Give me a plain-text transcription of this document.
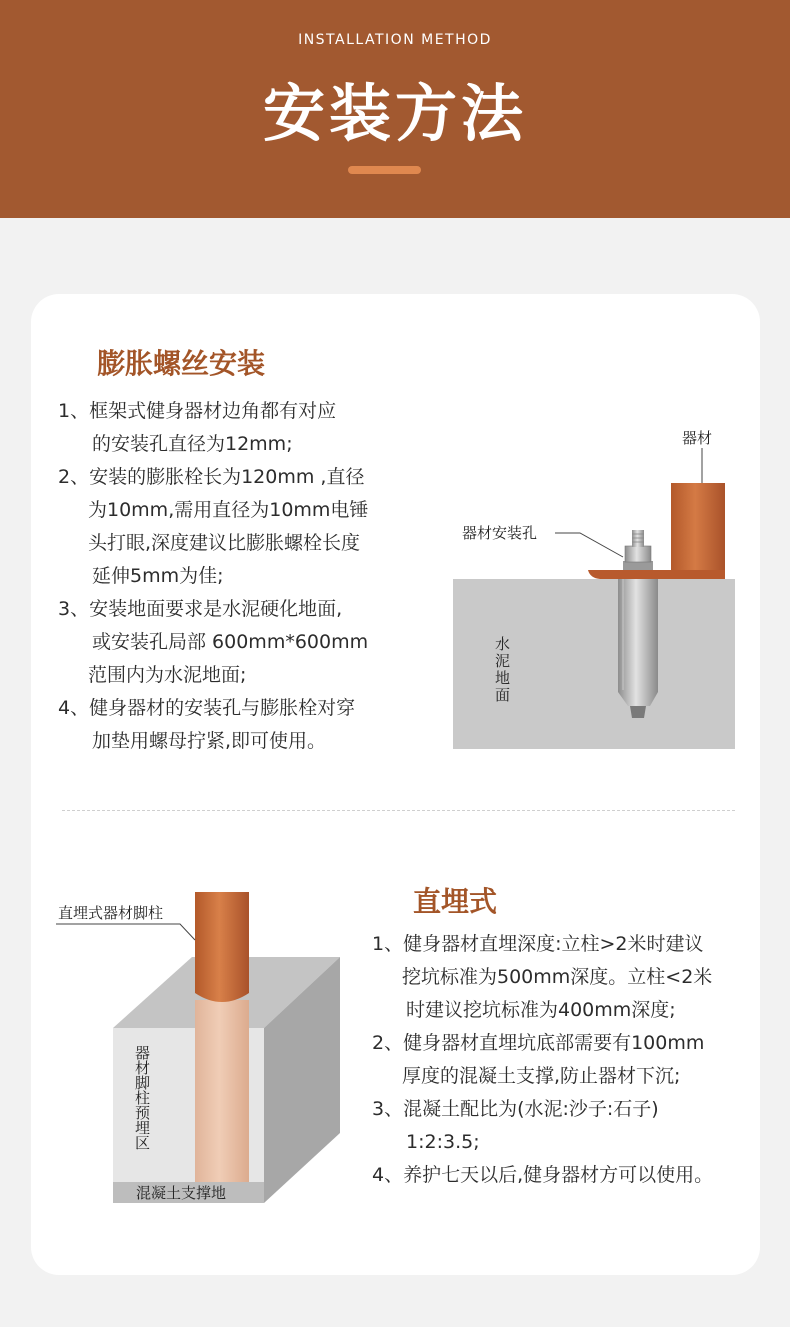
INSTALLATION METHOD
安装方法
膨胀螺丝安装
1、框架式健身器材边角都有对应
的安装孔直径为12mm;
2、安装的膨胀栓长为120mm ,直径
为10mm,需用直径为10mm电锤
头打眼,深度建议比膨胀螺栓长度
延伸5mm为佳;
3、安装地面要求是水泥硬化地面,
或安装孔局部 600mm*600mm
范围内为水泥地面;
4、健身器材的安装孔与膨胀栓对穿
加垫用螺母拧紧,即可使用。
器材
器材安装孔
水泥地面
直埋式
1、健身器材直埋深度:立柱>2米时建议
挖坑标准为500mm深度。立柱<2米
时建议挖坑标准为400mm深度;
2、健身器材直埋坑底部需要有100mm
厚度的混凝土支撑,防止器材下沉;
3、混凝土配比为(水泥:沙子:石子)
1:2:3.5;
4、养护七天以后,健身器材方可以使用。
直埋式器材脚柱
器材脚柱预埋区
混凝土支撑地
